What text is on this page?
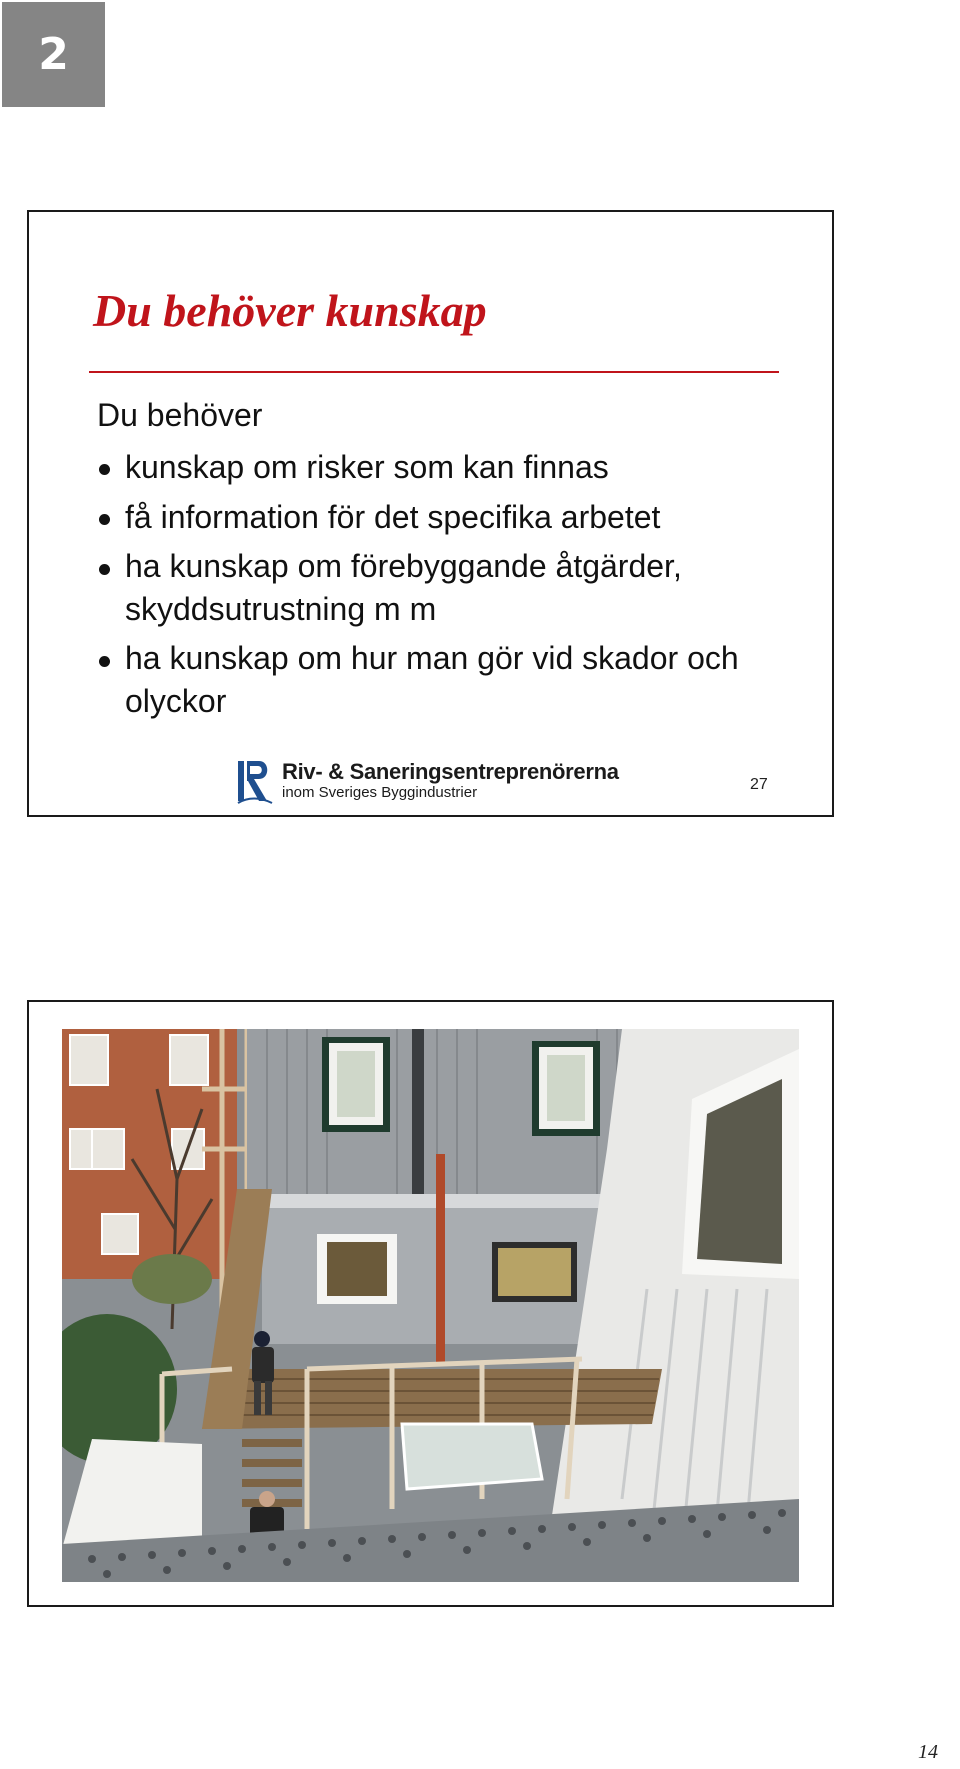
2
Du behöver kunskap
Du behöver
kunskap om risker som kan finnas
få information för det specifika arbetet
ha kunskap om förebyggande åtgärder, skyddsutrustning m m
ha kunskap om hur man gör vid skador och olyckor
Riv- & Saneringsentreprenörerna
inom Sveriges Byggindustrier	27
14
